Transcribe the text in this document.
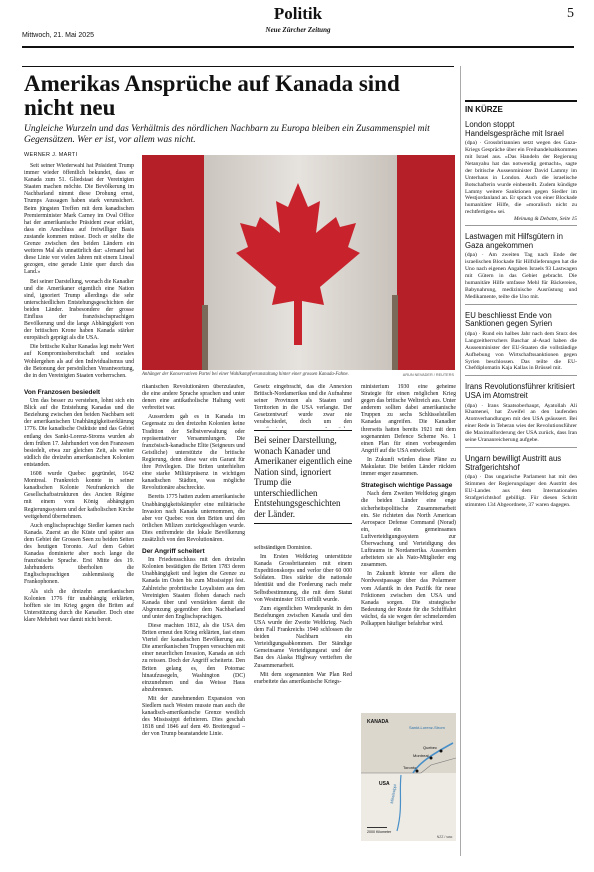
Mittwoch, 21. Mai 2025
Politik
Neue Zürcher Zeitung
5
Amerikas Ansprüche auf Kanada sind nicht neu
Ungleiche Wurzeln und das Verhältnis des nördlichen Nachbarn zu Europa bleiben ein Zusammenspiel mit Gegensätzen. Wer er ist, vor allem was nicht.
WERNER J. MARTI

Seit seiner Wiederwahl hat Präsident Trump immer wieder öffentlich bekundet, dass er Kanada zum 51. Gliedstaat der Vereinigten Staaten machen möchte. Die Bevölkerung im Nachbarland nimmt diese Drohung ernst, Trumps Aussagen haben stark verunsichert. Beim jüngsten Treffen mit dem kanadischen Premierminister Mark Carney im Oval Office hat der amerikanische Präsident zwar erklärt, dass ein Anschluss auf freiwilliger Basis zustande kommen müsse. Doch er stellte die Grenze zwischen den beiden Ländern ein weiteres Mal als unnatürlich dar: «Jemand hat diese Linie vor vielen Jahren mit einem Lineal gezogen, eine gerade Linie quer durch das Land.»

Bei seiner Darstellung, wonach die Kanadier und die Amerikaner eigentlich eine Nation sind, ignoriert Trump allerdings die sehr unterschiedlichen Entstehungsgeschichten der beiden Länder. Insbesondere der grosse Einfluss der französischsprachigen Bevölkerung und die lange Abhängigkeit von der britischen Krone haben Kanada stärker europäisch geprägt als die USA.

Die britische Kultur Kanadas legt mehr Wert auf Kompromissbereitschaft und soziales Wohlergehen als auf den Individualismus und die Betonung der persönlichen Verantwortung, die in den Vereinigten Staaten vorherrschen.

Von Franzosen besiedelt

Um das besser zu verstehen, lohnt sich ein Blick auf die Entstehung Kanadas und die Beziehung zwischen den beiden Nachbarn seit der amerikanischen Unabhängigkeitserklärung 1776. Die kanadische Ostküste und das Gebiet entlang des Sankt-Lorenz-Stroms wurden ab dem frühen 17. Jahrhundert von den Franzosen besiedelt, etwa zur gleichen Zeit, als weiter südlich die dreizehn amerikanischen Kolonien entstanden.

1608 wurde Quebec gegründet, 1642 Montreal. Frankreich konnte in seiner kanadischen Kolonie Neufrankreich die Gesellschaftsstrukturen des Ancien Régime mit einem vom König abhängigen Regierungssystem und der katholischen Kirche weitgehend übernehmen.

Auch englischsprachige Siedler kamen nach Kanada. Zuerst an die Küste und später aus dem Gebiet der Grossen Seen zu beiden Seiten des heutigen Toronto. Auf dem Gebiet Kanadas dominierte aber noch lange die französische Sprache. Erst Mitte des 19. Jahrhunderts überholten die Englischsprachigen zahlenmässig die Frankophonen.

Als sich die dreizehn amerikanischen Kolonien 1776 für unabhängig erklärten, hofften sie im Krieg gegen die Briten auf Unterstützung durch die Kanadier. Doch eine klare Mehrheit war damit nicht bereit.

Anhänger der Konservativen Partei bei einer Wahlkampfveranstaltung hinter einer grossen Kanada-Fahne.	ARUN NEVADER / REUTERS

rikanischen Revolutionären überzulaufen, die eine andere Sprache sprachen und unter denen eine antikatholische Haltung weit verbreitet war.

Ausserdem gab es in Kanada im Gegensatz zu den dreizehn Kolonien keine Tradition der Selbstverwaltung oder repräsentativer Versammlungen. Die französisch-kanadische Elite (Seigneurs und Geistliche) unterstützte die britische Regierung, denn diese war ein Garant für ihre Privilegien. Die Briten unterhielten eine starke Militärpräsenz in wichtigen kanadischen Städten, was mögliche Revolutionäre abschreckte.

Bereits 1775 hatten zudem amerikanische Unabhängigkeitskämpfer eine militärische Invasion nach Kanada unternommen, die aber vor Quebec von den Briten und den örtlichen Milizen zurückgeschlagen wurde. Dies entfremdete die lokale Bevölkerung zusätzlich von den Revolutionären.

Der Angriff scheitert

Im Friedensschluss mit den dreizehn Kolonien bestätigten die Briten 1783 deren Unabhängigkeit und legten die Grenze zu Kanada im Osten bis zum Mississippi fest. Zahlreiche probritische Loyalisten aus den Vereinigten Staaten flohen danach nach Kanada über und verstärkten damit die Abgrenzung gegenüber dem Nachbarland und unter den Englischsprachigen.

Diese machten 1812, als die USA den Briten erneut den Krieg erklärten, fast einen Viertel der kanadischen Bevölkerung aus. Die amerikanischen Truppen versuchten mit einer neuerlichen Invasion, Kanada an sich zu reissen. Doch der Angriff scheiterte. Den Briten gelang es, den Potomac hinaufzusegeln, Washington (DC) einzunehmen und das Weisse Haus abzubrennen.

Mit der zunehmenden Expansion von Siedlern nach Westen musste man auch die kanadisch-amerikanische Grenze westlich des Mississippi definieren. Dies geschah 1818 und 1846 auf dem 49. Breitengrad – der von Trump beanstandete Linie.

Gesetz eingebracht, das die Annexion Britisch-Nordamerikas und die Aufnahme seiner Provinzen als Staaten und Territorien in die USA verlangte. Der Gesetzentwurf wurde zwar nie verabschiedet, doch um den

Bei seiner Darstellung, wonach Kanader und Amerikaner eigentlich eine Nation sind, ignoriert Trump die unterschiedlichen Entstehungsgeschichten der Länder.

selbständigen Dominion.

Im Ersten Weltkrieg unterstützte Kanada Grossbritannien mit einem Expeditionskorps und verlor über 60 000 Soldaten. Dies stärkte die nationale Identität und die Forderung nach mehr Selbstbestimmung, die mit dem Statut von Westminster 1931 erfüllt wurde.

Zum eigentlichen Wendepunkt in den Beziehungen zwischen Kanada und den USA wurde der Zweite Weltkrieg. Nach dem Fall Frankreichs 1940 schlossen die beiden Nachbarn ein Verteidigungsabkommen. Der Ständige Gemeinsame Verteidigungsrat und der Bau des Alaska Highway vertieften die Zusammenarbeit.

Mit dem sogenannten War Plan Red erarbeitete das amerikanische Kriegs-

ministerium 1930 eine geheime Strategie für einen möglichen Krieg gegen das britische Weltreich aus. Unter anderem sollten dabei amerikanische Truppen zu sechs Schlüsselstellen Kanadas angreifen. Die Kanadier ihrerseits hatten bereits 1921 mit dem sogenannten Defence Scheme No. 1 einen Plan für einen vorbeugenden Angriff auf die USA entwickelt.

In Zukunft würden diese Pläne zu Makulatur. Die beiden Länder rückten immer enger zusammen.

Strategisch wichtige Passage

Nach dem Zweiten Weltkrieg gingen die beiden Länder eine enge sicherheitspolitische Zusammenarbeit ein. Sie richteten das North American Aerospace Defense Command (Norad) ein, ein gemeinsames Luftverteidigungssystem zur Überwachung und Verteidigung des Luftraums in Nordamerika. Ausserdem arbeiteten sie als Nato-Mitglieder eng zusammen.

In Zukunft könnte vor allem die Nordwestpassage über das Polarmeer vom Atlantik in den Pazifik für neue Friktionen zwischen den USA und Kanada sorgen. Die strategische Bedeutung der Route für die Schifffahrt wächst, da sie wegen der schmelzenden Polkappen häufiger befahrbar wird.

KANADA
Sankt-Lorenz-Strom
Quebec
Montreal
Toronto
USA Mississippi
2000 Kilometer
NZZ / saw.
IN KÜRZE
London stoppt Handelsgespräche mit Israel

(dpa) · Grossbritannien setzt wegen des Gaza-Kriegs Gespräche über ein Freihandelsabkommen mit Israel aus. «Das Handeln der Regierung Netanyahu hat das notwendig gemacht», sagte der britische Aussenminister David Lammy im Unterhaus in London. Auch die israelische Botschafterin wurde einbestellt. Zudem kündigte Lammy weitere Sanktionen gegen Siedler im Westjordanland an. Er sprach von einer Blockade humanitärer Hilfe, die «moralisch nicht zu rechtfertigen» sei.

Meinung & Debatte, Seite 15
Lastwagen mit Hilfsgütern in Gaza angekommen

(dpa) · Am zweiten Tag nach Ende der israelischen Blockade für Hilfslieferungen hat die Uno nach eigenen Angaben Israels 93 Lastwagen mit Gütern in das Gebiet gebracht. Die humanitäre Hilfe umfasse Mehl für Bäckereien, Babynahrung, medizinische Ausrüstung und Medikamente, teilte die Uno mit.

EU beschliesst Ende von Sanktionen gegen Syrien

(dpa) · Rund ein halbes Jahr nach dem Sturz des Langzeitherrschers Baschar al-Asad haben die Aussenminister der EU-Staaten die vollständige Aufhebung von Wirtschaftssanktionen gegen Syrien beschlossen. Das teilte die EU-Chefdiplomatin Kaja Kallas in Brüssel mit.

Irans Revolutionsführer kritisiert USA im Atomstreit

(dpa) · Irans Staatsoberhaupt, Ayatollah Ali Khamenei, hat Zweifel an den laufenden Atomverhandlungen mit den USA geäussert. Bei einer Rede in Teheran wies der Revolutionsführer die Maximalforderung der USA zurück, dass Iran seine Urananreicherung aufgebe.

Ungarn bewilligt Austritt aus Strafgerichtshof

(dpa) · Das ungarische Parlament hat mit den Stimmen der Regierungslager den Austritt des EU-Landes aus dem Internationalen Strafgerichtshof gebilligt. Für diesen Schritt stimmten 134 Abgeordnete, 37 waren dagegen.
